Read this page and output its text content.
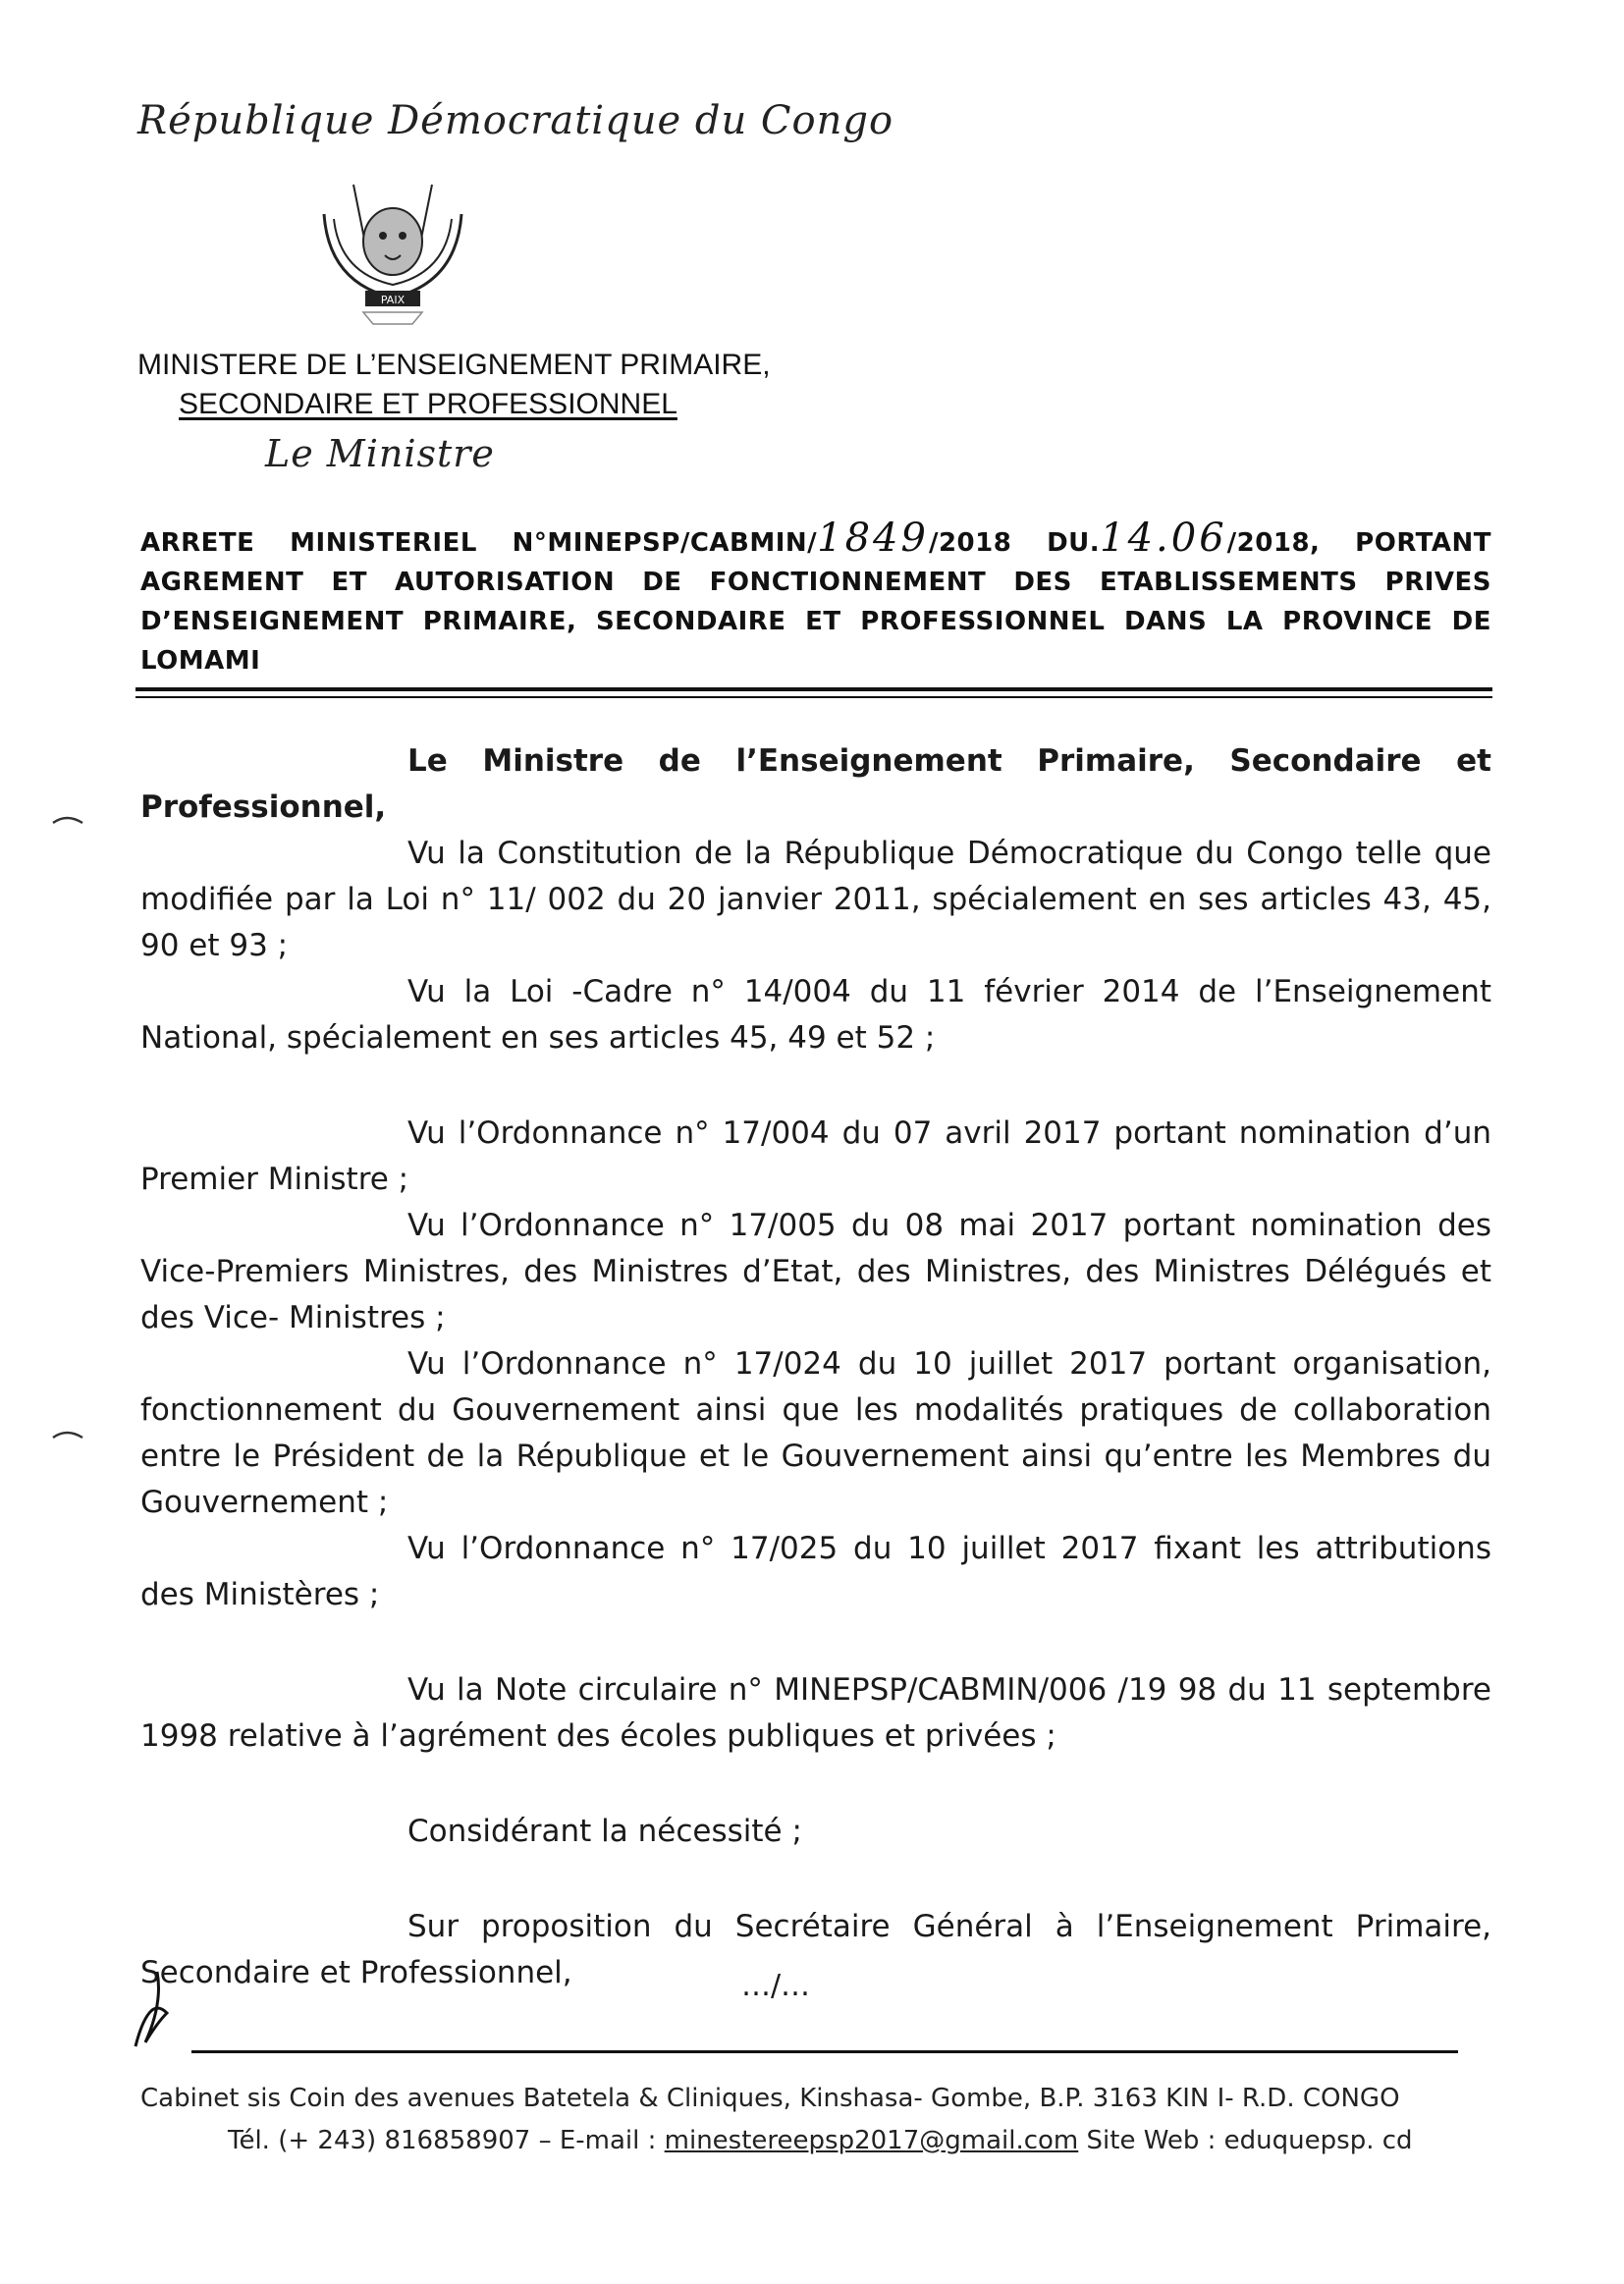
République Démocratique du Congo
PAIX
MINISTERE DE L’ENSEIGNEMENT PRIMAIRE,
SECONDAIRE ET PROFESSIONNEL
Le Ministre
ARRETE MINISTERIEL N°MINEPSP/CABMIN/1849/2018 DU.14.06/2018, PORTANT AGREMENT ET AUTORISATION DE FONCTIONNEMENT DES ETABLISSEMENTS PRIVES D’ENSEIGNEMENT PRIMAIRE, SECONDAIRE ET PROFESSIONNEL DANS LA PROVINCE DE LOMAMI

Le Ministre de l’Enseignement Primaire, Secondaire et Professionnel,

Vu la Constitution de la République Démocratique du Congo telle que modifiée par la Loi n° 11/ 002 du 20 janvier 2011, spécialement en ses articles 43, 45, 90 et 93 ;

Vu la Loi -Cadre n° 14/004 du 11 février 2014 de l’Enseignement National, spécialement en ses articles 45, 49 et 52 ;

Vu l’Ordonnance n° 17/004 du 07 avril 2017 portant nomination d’un Premier Ministre ;

Vu l’Ordonnance n° 17/005 du 08 mai 2017 portant nomination des Vice-Premiers Ministres, des Ministres d’Etat, des Ministres, des Ministres Délégués et des Vice- Ministres ;

Vu l’Ordonnance n° 17/024 du 10 juillet 2017 portant organisation, fonctionnement du Gouvernement ainsi que les modalités pratiques de collaboration entre le Président de la République et le Gouvernement ainsi qu’entre les Membres du Gouvernement ;

Vu l’Ordonnance n° 17/025 du 10 juillet 2017 fixant les attributions des Ministères ;

Vu la Note circulaire n° MINEPSP/CABMIN/006 /19 98 du 11 septembre 1998 relative à l’agrément des écoles publiques et privées ;

Considérant la nécessité ;

Sur proposition du Secrétaire Général à l’Enseignement Primaire, Secondaire et Professionnel,	…/…
Cabinet sis Coin des avenues Batetela & Cliniques, Kinshasa- Gombe, B.P. 3163 KIN I- R.D. CONGO
Tél. (+ 243) 816858907 – E-mail : minestereepsp2017@gmail.com Site Web : eduquepsp. cd
